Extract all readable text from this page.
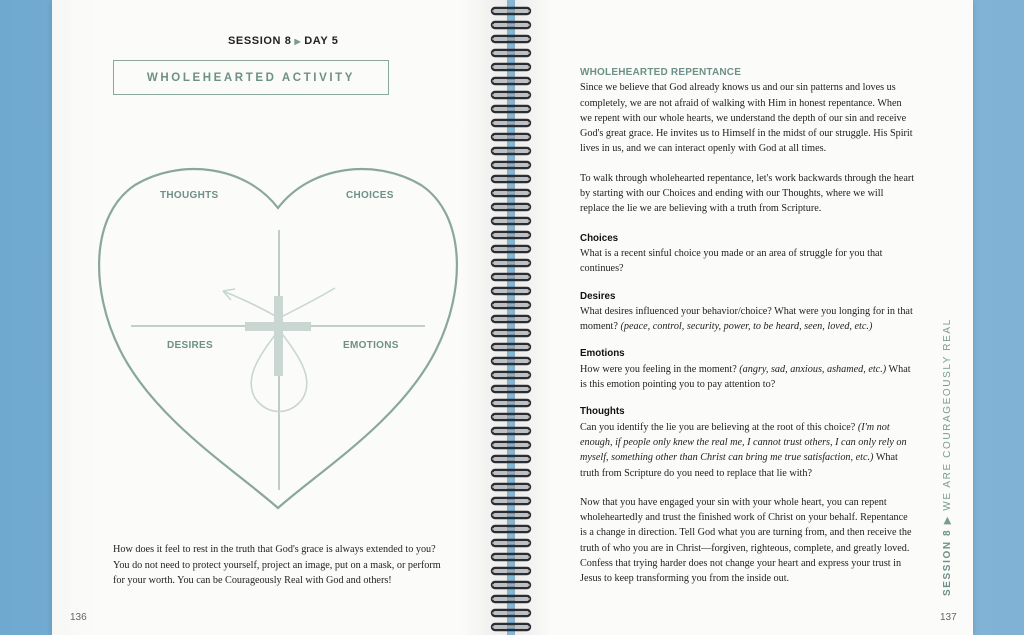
SESSION 8 ▶ DAY 5
WHOLEHEARTED ACTIVITY
THOUGHTS	CHOICES
DESIRES	EMOTIONS
How does it feel to rest in the truth that God's grace is always extended to you? You do not need to protect yourself, project an image, put on a mask, or perform for your worth. You can be Courageously Real with God and others!
136
WHOLEHEARTED REPENTANCE

Since we believe that God already knows us and our sin patterns and loves us completely, we are not afraid of walking with Him in honest repentance. When we repent with our whole hearts, we understand the depth of our sin and receive God's great grace. He invites us to Himself in the midst of our struggle. His Spirit lives in us, and we can interact openly with God at all times.

To walk through wholehearted repentance, let's work backwards through the heart by starting with our Choices and ending with our Thoughts, where we will replace the lie we are believing with a truth from Scripture.

Choices

What is a recent sinful choice you made or an area of struggle for you that continues?

Desires

What desires influenced your behavior/choice? What were you longing for in that moment? (peace, control, security, power, to be heard, seen, loved, etc.)

Emotions

How were you feeling in the moment? (angry, sad, anxious, ashamed, etc.) What is this emotion pointing you to pay attention to?

Thoughts

Can you identify the lie you are believing at the root of this choice? (I'm not enough, if people only knew the real me, I cannot trust others, I can only rely on myself, something other than Christ can bring me true satisfaction, etc.) What truth from Scripture do you need to replace that lie with?

Now that you have engaged your sin with your whole heart, you can repent wholeheartedly and trust the finished work of Christ on your behalf. Repentance is a change in direction. Tell God what you are turning from, and then receive the truth of who you are in Christ—forgiven, righteous, complete, and greatly loved. Confess that trying harder does not change your heart and express your trust in Jesus to keep transforming you from the inside out.	SESSION 8 ▶ WE ARE COURAGEOUSLY REAL
137
